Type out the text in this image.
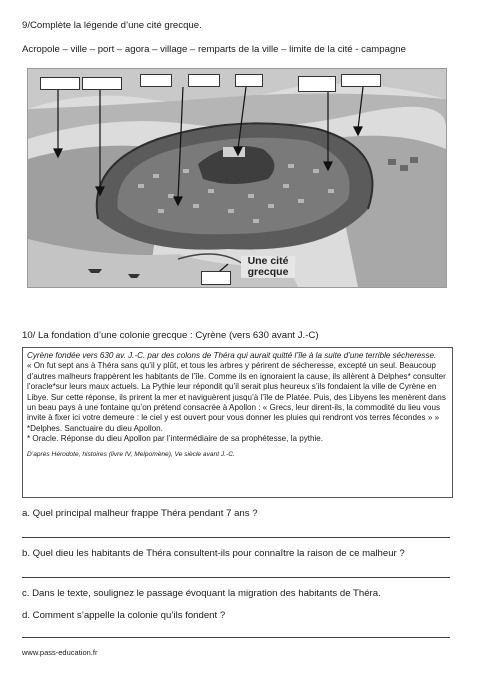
9/Complète la légende d’une cité grecque.
Acropole – ville – port – agora – village – remparts de la ville – limite de la cité - campagne
Une cité
grecque
10/ La fondation d’une colonie grecque : Cyrène (vers 630 avant J.-C)

Cyrène fondée vers 630 av. J.-C. par des colons de Théra qui aurait quitté l’île à la suite d’une terrible sécheresse.

« On fut sept ans à Théra sans qu’il y plût, et tous les arbres y périrent de sécheresse, excepté un seul. Beaucoup d’autres malheurs frappèrent les habitants de l’île. Comme ils en ignoraient la cause, ils allèrent à Delphes* consulter l’oracle*sur leurs maux actuels. La Pythie leur répondit qu’il serait plus heureux s’ils fondaient la ville de Cyrène en Libye. Sur cette réponse, ils prirent la mer et naviguèrent jusqu’à l’île de Platée. Puis, des Libyens les menèrent dans un beau pays à une fontaine qu’on prétend consacrée à Apollon : « Grecs, leur dirent-ils, la commodité du lieu vous invite à fixer ici votre demeure : le ciel y est ouvert pour vous donner les pluies qui rendront vos terres fécondes » »

*Delphes. Sanctuaire du dieu Apollon.

* Oracle. Réponse du dieu Apollon par l’intermédiaire de sa prophétesse, la pythie.

D’après Hérodote, histoires (livre IV, Melpomène), Ve siècle avant J.-C.

a. Quel principal malheur frappe Théra pendant 7 ans ?
b. Quel dieu les habitants de Théra consultent-ils pour connaître la raison de ce malheur ?
c. Dans le texte, soulignez le passage évoquant la migration des habitants de Théra.
d. Comment s’appelle la colonie qu’ils fondent ?
www.pass-education.fr
